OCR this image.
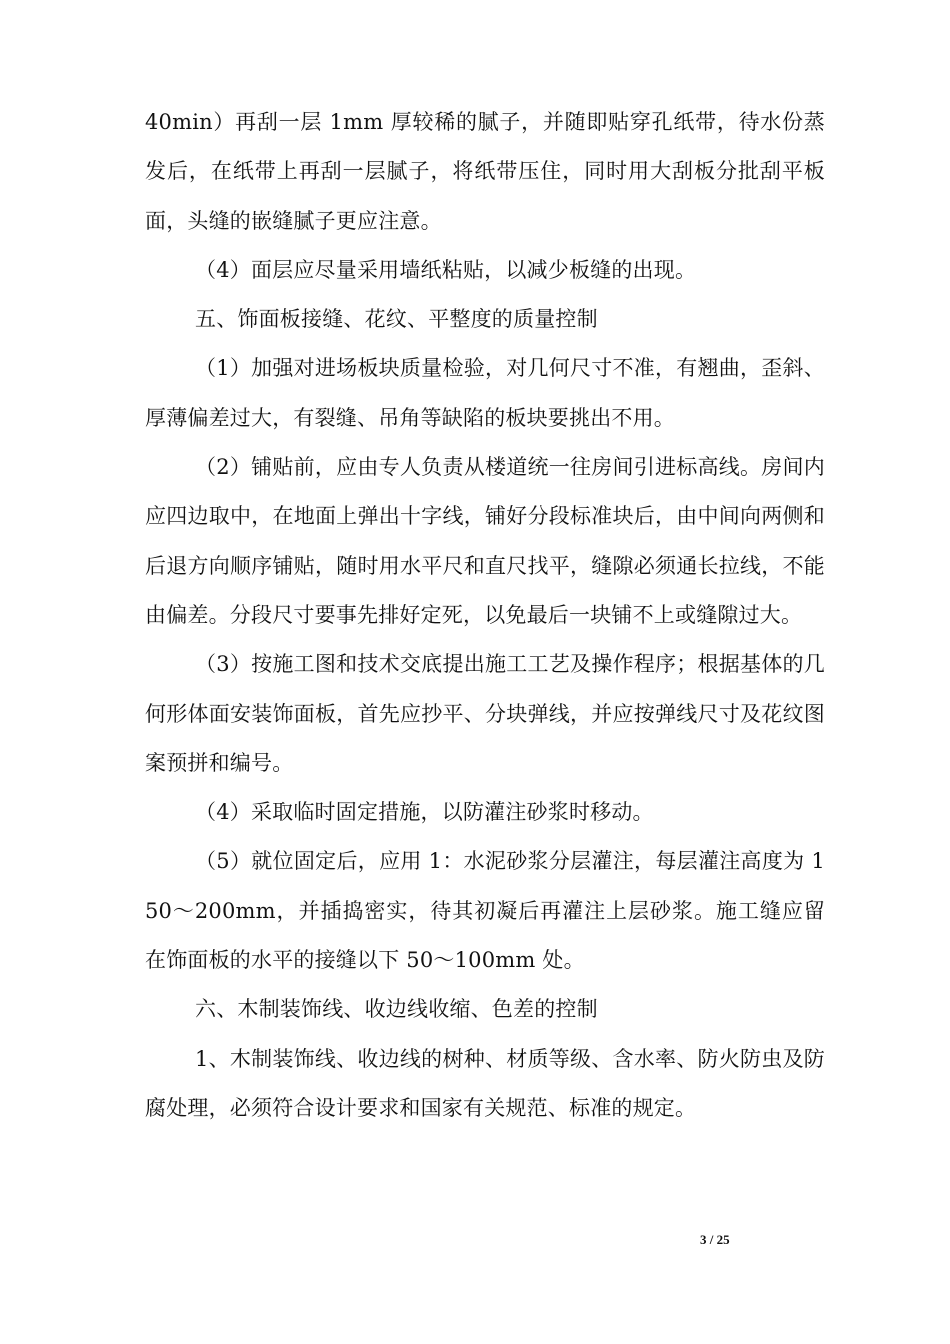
40min）再刮一层 1mm 厚较稀的腻子，并随即贴穿孔纸带，待水份蒸发后，在纸带上再刮一层腻子，将纸带压住，同时用大刮板分批刮平板面，头缝的嵌缝腻子更应注意。

（4）面层应尽量采用墙纸粘贴，以减少板缝的出现。

五、饰面板接缝、花纹、平整度的质量控制

（1）加强对进场板块质量检验，对几何尺寸不准，有翘曲，歪斜、厚薄偏差过大，有裂缝、吊角等缺陷的板块要挑出不用。

（2）铺贴前，应由专人负责从楼道统一往房间引进标高线。房间内应四边取中，在地面上弹出十字线，铺好分段标准块后，由中间向两侧和后退方向顺序铺贴，随时用水平尺和直尺找平，缝隙必须通长拉线，不能由偏差。分段尺寸要事先排好定死，以免最后一块铺不上或缝隙过大。

（3）按施工图和技术交底提出施工工艺及操作程序；根据基体的几何形体面安装饰面板，首先应抄平、分块弹线，并应按弹线尺寸及花纹图案预拼和编号。

（4）采取临时固定措施，以防灌注砂浆时移动。

（5）就位固定后，应用 1：水泥砂浆分层灌注，每层灌注高度为 150～200mm，并插捣密实，待其初凝后再灌注上层砂浆。施工缝应留在饰面板的水平的接缝以下 50～100mm 处。

六、木制装饰线、收边线收缩、色差的控制

1、木制装饰线、收边线的树种、材质等级、含水率、防火防虫及防腐处理，必须符合设计要求和国家有关规范、标准的规定。

3 / 25
